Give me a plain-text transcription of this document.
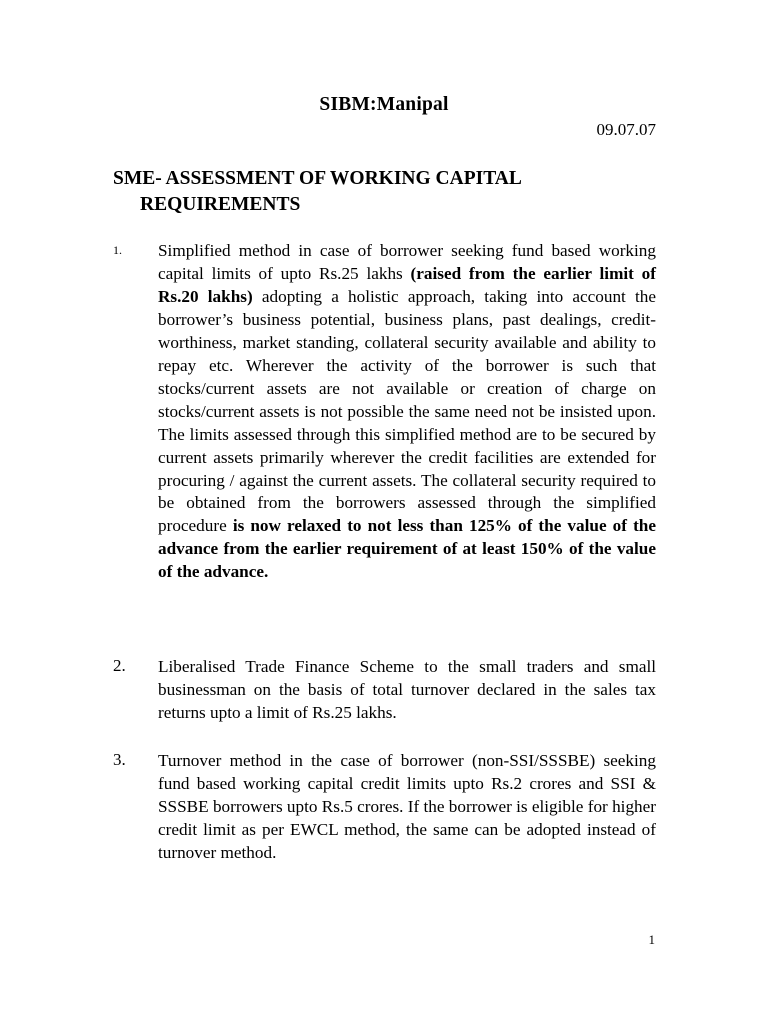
SIBM:Manipal
09.07.07
SME- ASSESSMENT OF WORKING CAPITAL
REQUIREMENTS
1. Simplified method in case of borrower seeking fund based working capital limits of upto Rs.25 lakhs (raised from the earlier limit of Rs.20 lakhs) adopting a holistic approach, taking into account the borrower’s business potential, business plans, past dealings, credit-worthiness, market standing, collateral security available and ability to repay etc. Wherever the activity of the borrower is such that stocks/current assets are not available or creation of charge on stocks/current assets is not possible the same need not be insisted upon. The limits assessed through this simplified method are to be secured by current assets primarily wherever the credit facilities are extended for procuring / against the current assets. The collateral security required to be obtained from the borrowers assessed through the simplified procedure is now relaxed to not less than 125% of the value of the advance from the earlier requirement of at least 150% of the value of the advance.
2. Liberalised Trade Finance Scheme to the small traders and small businessman on the basis of total turnover declared in the sales tax returns upto a limit of Rs.25 lakhs.
3. Turnover method in the case of borrower (non-SSI/SSSBE) seeking fund based working capital credit limits upto Rs.2 crores and SSI & SSSBE borrowers upto Rs.5 crores. If the borrower is eligible for higher credit limit as per EWCL method, the same can be adopted instead of turnover method.
1
